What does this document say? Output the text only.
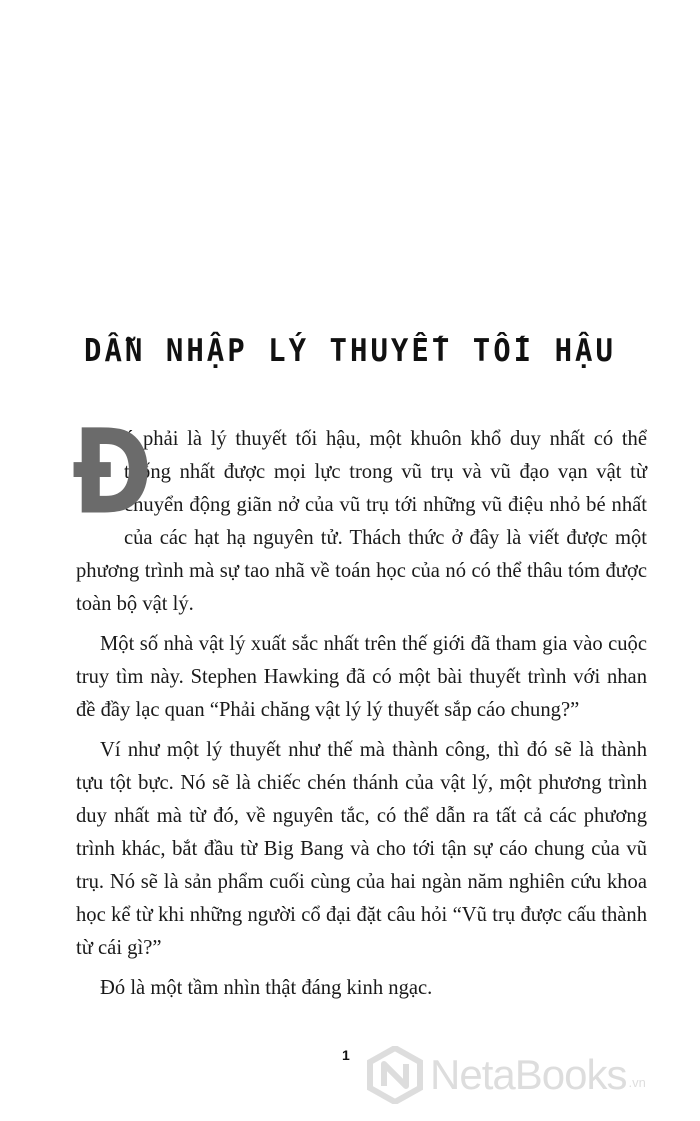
DẪN NHẬP LÝ THUYẾT TỐI HẬU

Đ
ó phải là lý thuyết tối hậu, một khuôn khổ duy nhất có thể thống nhất được mọi lực trong vũ trụ và vũ đạo vạn vật từ chuyển động giãn nở của vũ trụ tới những vũ điệu nhỏ bé nhất của các hạt hạ nguyên tử. Thách thức ở đây là viết được một phương trình mà sự tao nhã về toán học của nó có thể thâu tóm được toàn bộ vật lý.

Một số nhà vật lý xuất sắc nhất trên thế giới đã tham gia vào cuộc truy tìm này. Stephen Hawking đã có một bài thuyết trình với nhan đề đầy lạc quan “Phải chăng vật lý lý thuyết sắp cáo chung?”

Ví như một lý thuyết như thế mà thành công, thì đó sẽ là thành tựu tột bực. Nó sẽ là chiếc chén thánh của vật lý, một phương trình duy nhất mà từ đó, về nguyên tắc, có thể dẫn ra tất cả các phương trình khác, bắt đầu từ Big Bang và cho tới tận sự cáo chung của vũ trụ. Nó sẽ là sản phẩm cuối cùng của hai ngàn năm nghiên cứu khoa học kể từ khi những người cổ đại đặt câu hỏi “Vũ trụ được cấu thành từ cái gì?”

Đó là một tầm nhìn thật đáng kinh ngạc.

1 NetaBooks .vn
